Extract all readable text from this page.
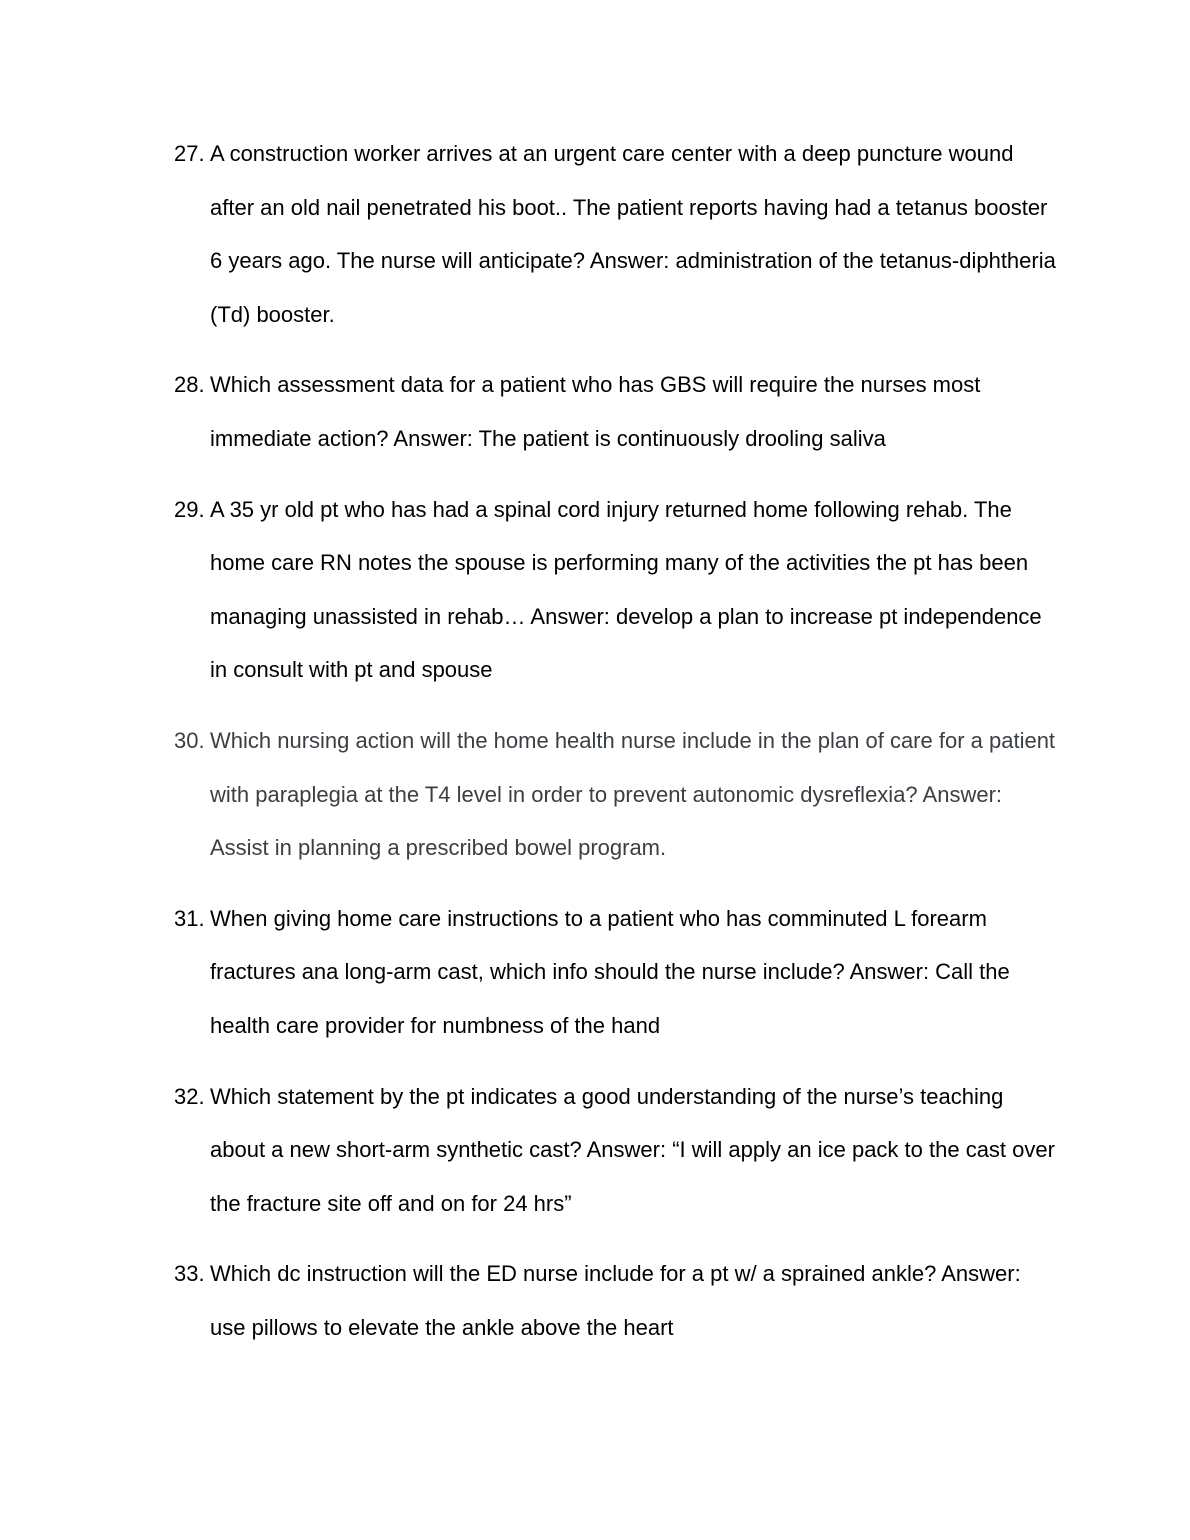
27. A construction worker arrives at an urgent care center with a deep puncture wound after an old nail penetrated his boot.. The patient reports having had a tetanus booster 6 years ago. The nurse will anticipate? Answer: administration of the tetanus-diphtheria (Td) booster.
28. Which assessment data for a patient who has GBS will require the nurses most immediate action? Answer: The patient is continuously drooling saliva
29. A 35 yr old pt who has had a spinal cord injury returned home following rehab. The home care RN notes the spouse is performing many of the activities the pt has been managing unassisted in rehab… Answer: develop a plan to increase pt independence in consult with pt and spouse
30. Which nursing action will the home health nurse include in the plan of care for a patient with paraplegia at the T4 level in order to prevent autonomic dysreflexia? Answer: Assist in planning a prescribed bowel program.
31. When giving home care instructions to a patient who has comminuted L forearm fractures ana long-arm cast, which info should the nurse include? Answer: Call the health care provider for numbness of the hand
32. Which statement by the pt indicates a good understanding of the nurse’s teaching about a new short-arm synthetic cast? Answer: “I will apply an ice pack to the cast over the fracture site off and on for 24 hrs”
33. Which dc instruction will the ED nurse include for a pt w/ a sprained ankle? Answer: use pillows to elevate the ankle above the heart
